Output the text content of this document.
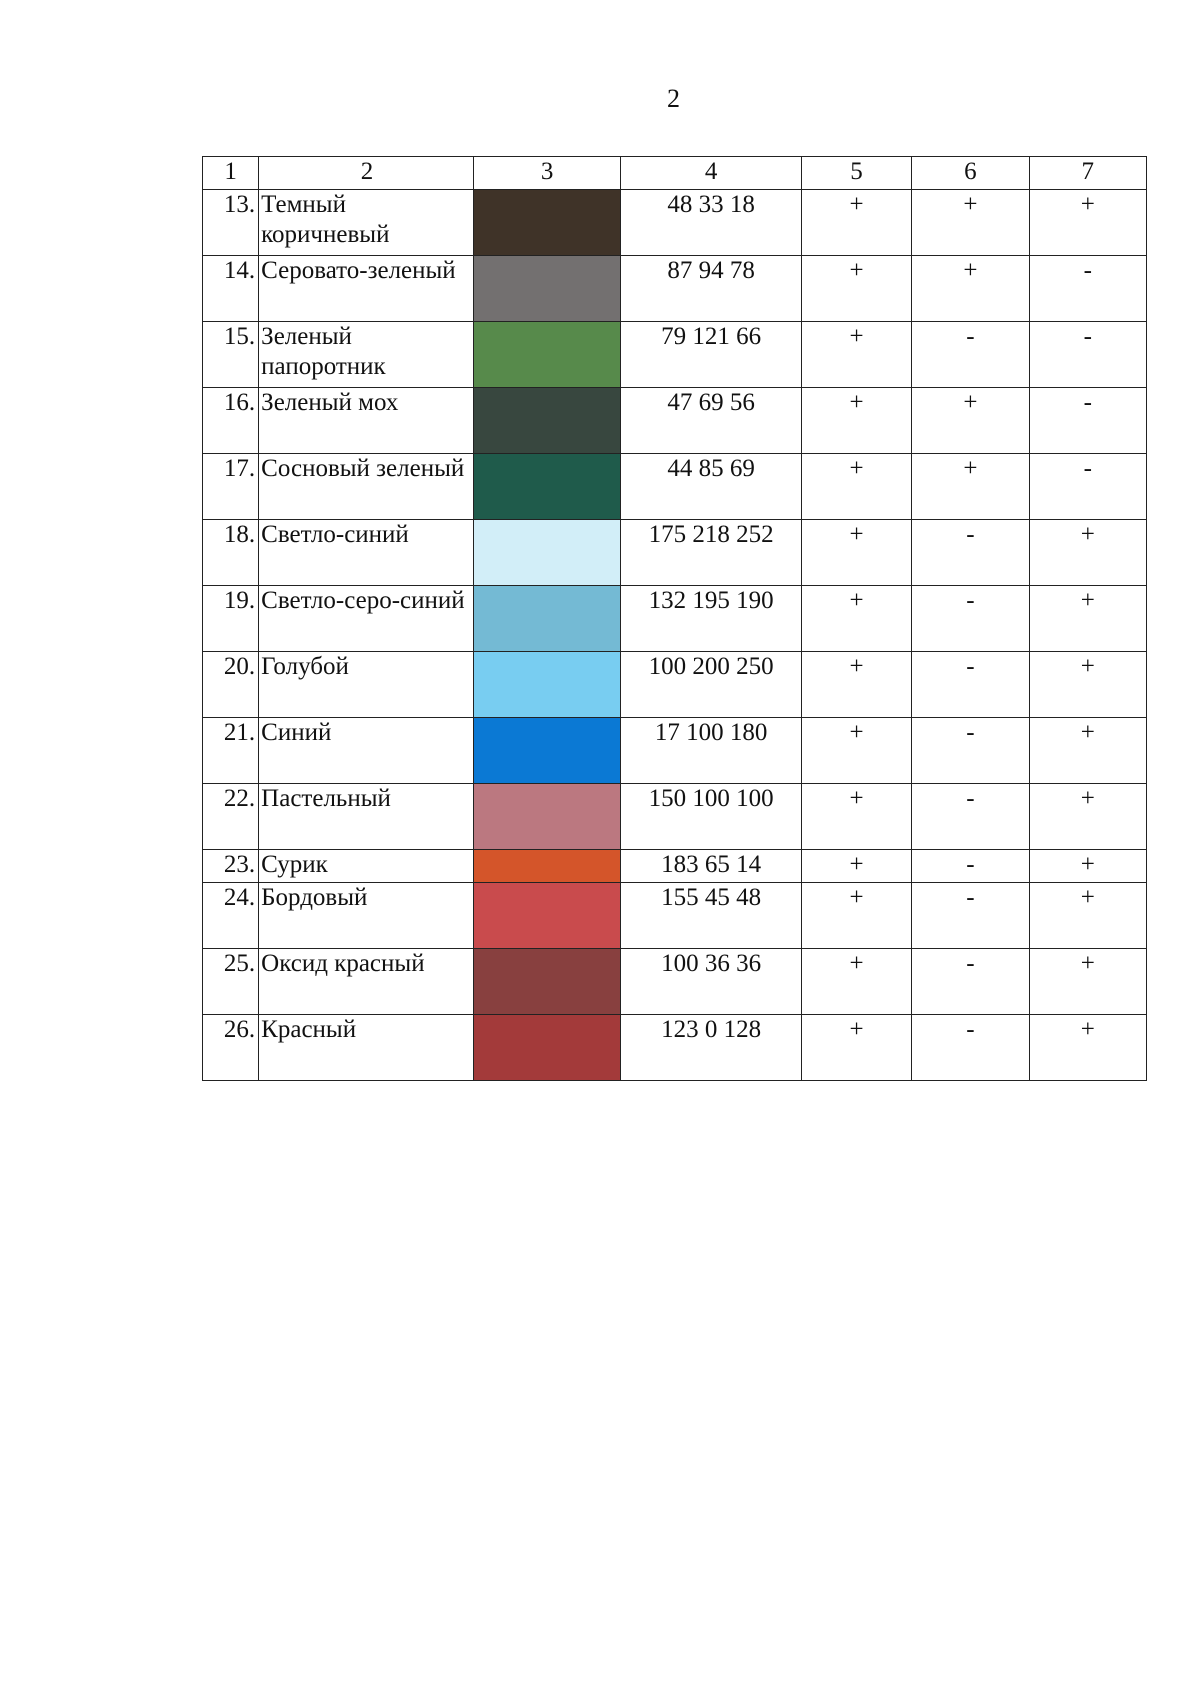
2
1	2	3	4	5	6	7
13.	Темный коричневый		48 33 18	+	+	+
14.	Серовато-зеленый		87 94 78	+	+	-
15.	Зеленый папоротник		79 121 66	+	-	-
16.	Зеленый мох		47 69 56	+	+	-
17.	Сосновый зеленый		44 85 69	+	+	-
18.	Светло-синий		175 218 252	+	-	+
19.	Светло-серо-синий		132 195 190	+	-	+
20.	Голубой		100 200 250	+	-	+
21.	Синий		17 100 180	+	-	+
22.	Пастельный		150 100 100	+	-	+
23.	Сурик		183 65 14	+	-	+
24.	Бордовый		155 45 48	+	-	+
25.	Оксид красный		100 36 36	+	-	+
26.	Красный		123 0 128	+	-	+
